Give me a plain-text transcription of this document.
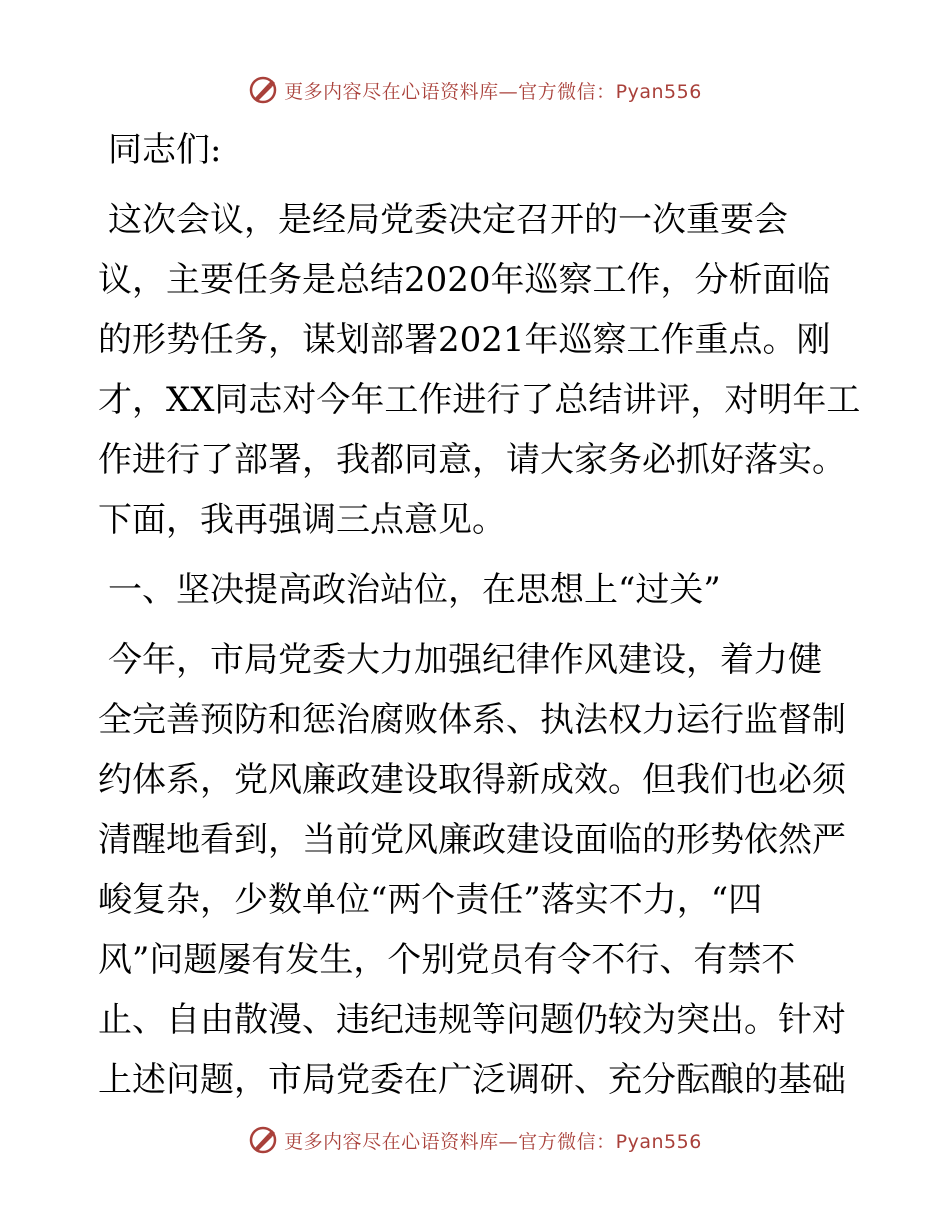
更多内容尽在心语资料库—官方微信：Pyan556
同志们:
这次会议，是经局党委决定召开的一次重要会
议，主要任务是总结2020年巡察工作，分析面临
的形势任务，谋划部署2021年巡察工作重点。刚
才，XX同志对今年工作进行了总结讲评，对明年工
作进行了部署，我都同意，请大家务必抓好落实。
下面，我再强调三点意见。
一、坚决提高政治站位，在思想上“过关”
今年，市局党委大力加强纪律作风建设，着力健
全完善预防和惩治腐败体系、执法权力运行监督制
约体系，党风廉政建设取得新成效。但我们也必须
清醒地看到，当前党风廉政建设面临的形势依然严
峻复杂，少数单位“两个责任”落实不力，“四
风”问题屡有发生，个别党员有令不行、有禁不
止、自由散漫、违纪违规等问题仍较为突出。针对
上述问题，市局党委在广泛调研、充分酝酿的基础
更多内容尽在心语资料库—官方微信：Pyan556
